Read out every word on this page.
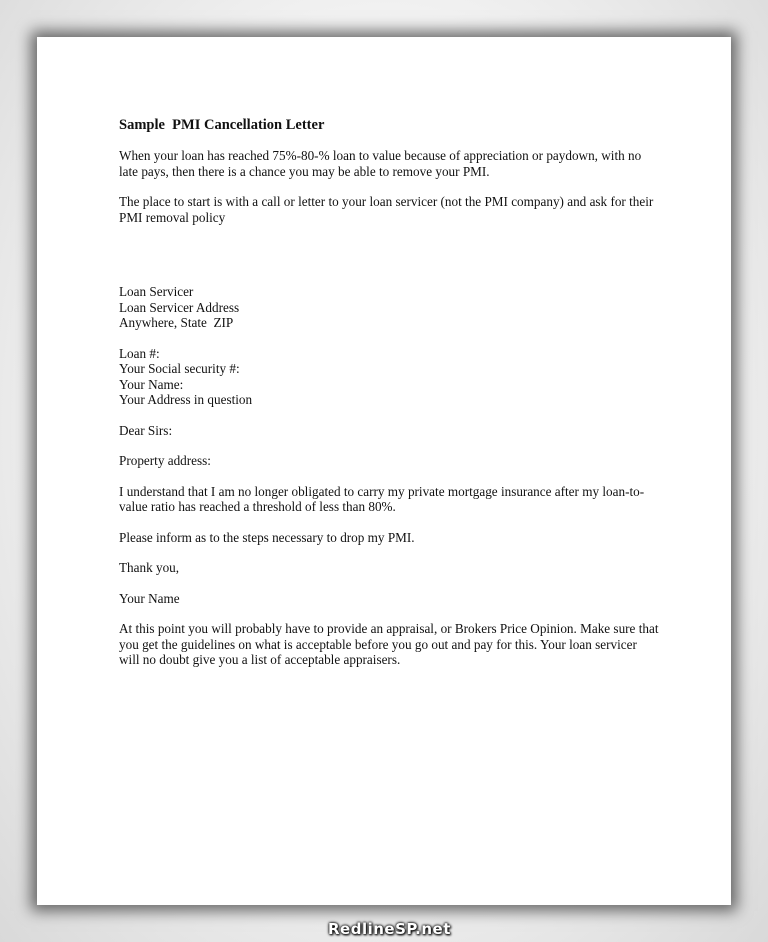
Sample  PMI Cancellation Letter

When your loan has reached 75%-80-% loan to value because of appreciation or paydown, with no late pays, then there is a chance you may be able to remove your PMI.

The place to start is with a call or letter to your loan servicer (not the PMI company) and ask for their PMI removal policy

Loan Servicer
Loan Servicer Address
Anywhere, State  ZIP
Loan #:
Your Social security #:
Your Name:
Your Address in question

Dear Sirs:

Property address:

I understand that I am no longer obligated to carry my private mortgage insurance after my loan-to-value ratio has reached a threshold of less than 80%.

Please inform as to the steps necessary to drop my PMI.

Thank you,

Your Name

At this point you will probably have to provide an appraisal, or Brokers Price Opinion. Make sure that you get the guidelines on what is acceptable before you go out and pay for this. Your loan servicer will no doubt give you a list of acceptable appraisers.

RedlineSP.net
